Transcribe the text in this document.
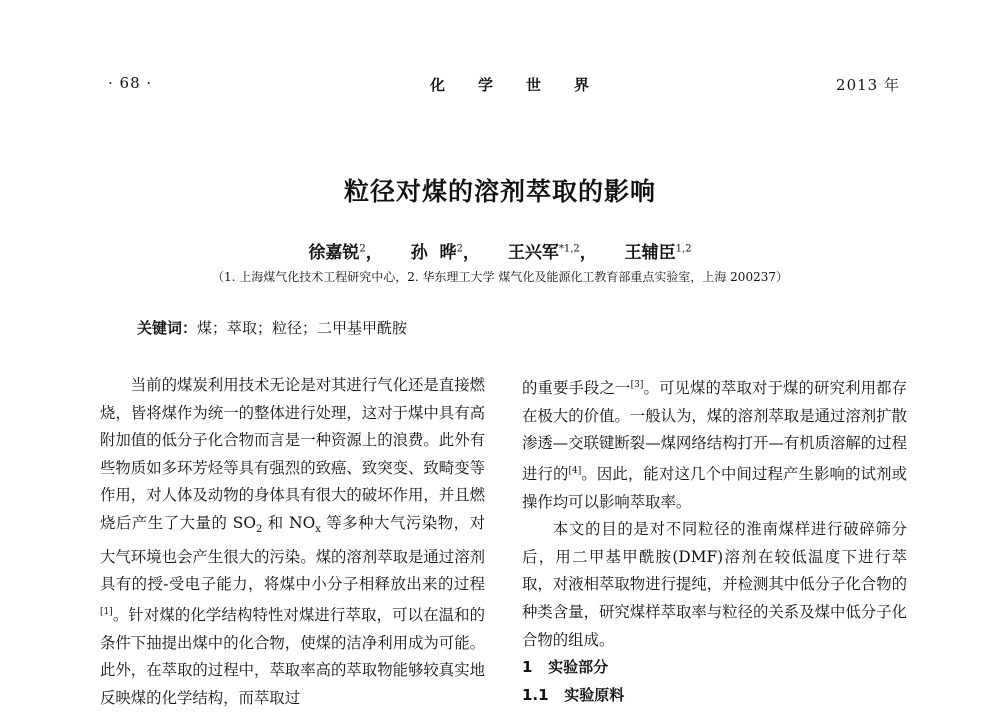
· 68 ·	化 学 世 界	2013 年
粒径对煤的溶剂萃取的影响
徐嘉锐$^2$， 孙  晔$^2$， 王兴军$^{*1,2}$， 王辅臣$^{1,2}$
（1. 上海煤气化技术工程研究中心，2. 华东理工大学 煤气化及能源化工教育部重点实验室，上海 200237）
关键词：煤；萃取；粒径；二甲基甲酰胺

当前的煤炭利用技术无论是对其进行气化还是直接燃烧，皆将煤作为统一的整体进行处理，这对于煤中具有高附加值的低分子化合物而言是一种资源上的浪费。此外有些物质如多环芳烃等具有强烈的致癌、致突变、致畸变等作用，对人体及动物的身体具有很大的破坏作用，并且燃烧后产生了大量的 $SO_2$ 和 $NO_x$ 等多种大气污染物，对大气环境也会产生很大的污染。煤的溶剂萃取是通过溶剂具有的授-受电子能力，将煤中小分子相释放出来的过程[1]。针对煤的化学结构特性对煤进行萃取，可以在温和的条件下抽提出煤中的化合物，使煤的洁净利用成为可能。此外，在萃取的过程中，萃取率高的萃取物能够较真实地反映煤的化学结构，而萃取过

的重要手段之一[3]。可见煤的萃取对于煤的研究利用都存在极大的价值。一般认为，煤的溶剂萃取是通过溶剂扩散渗透—交联键断裂—煤网络结构打开—有机质溶解的过程进行的[4]。因此，能对这几个中间过程产生影响的试剂或操作均可以影响萃取率。

本文的目的是对不同粒径的淮南煤样进行破碎筛分后，用二甲基甲酰胺(DMF)溶剂在较低温度下进行萃取，对液相萃取物进行提纯，并检测其中低分子化合物的种类含量，研究煤样萃取率与粒径的关系及煤中低分子化合物的组成。

1   实验部分

1.1   实验原料
